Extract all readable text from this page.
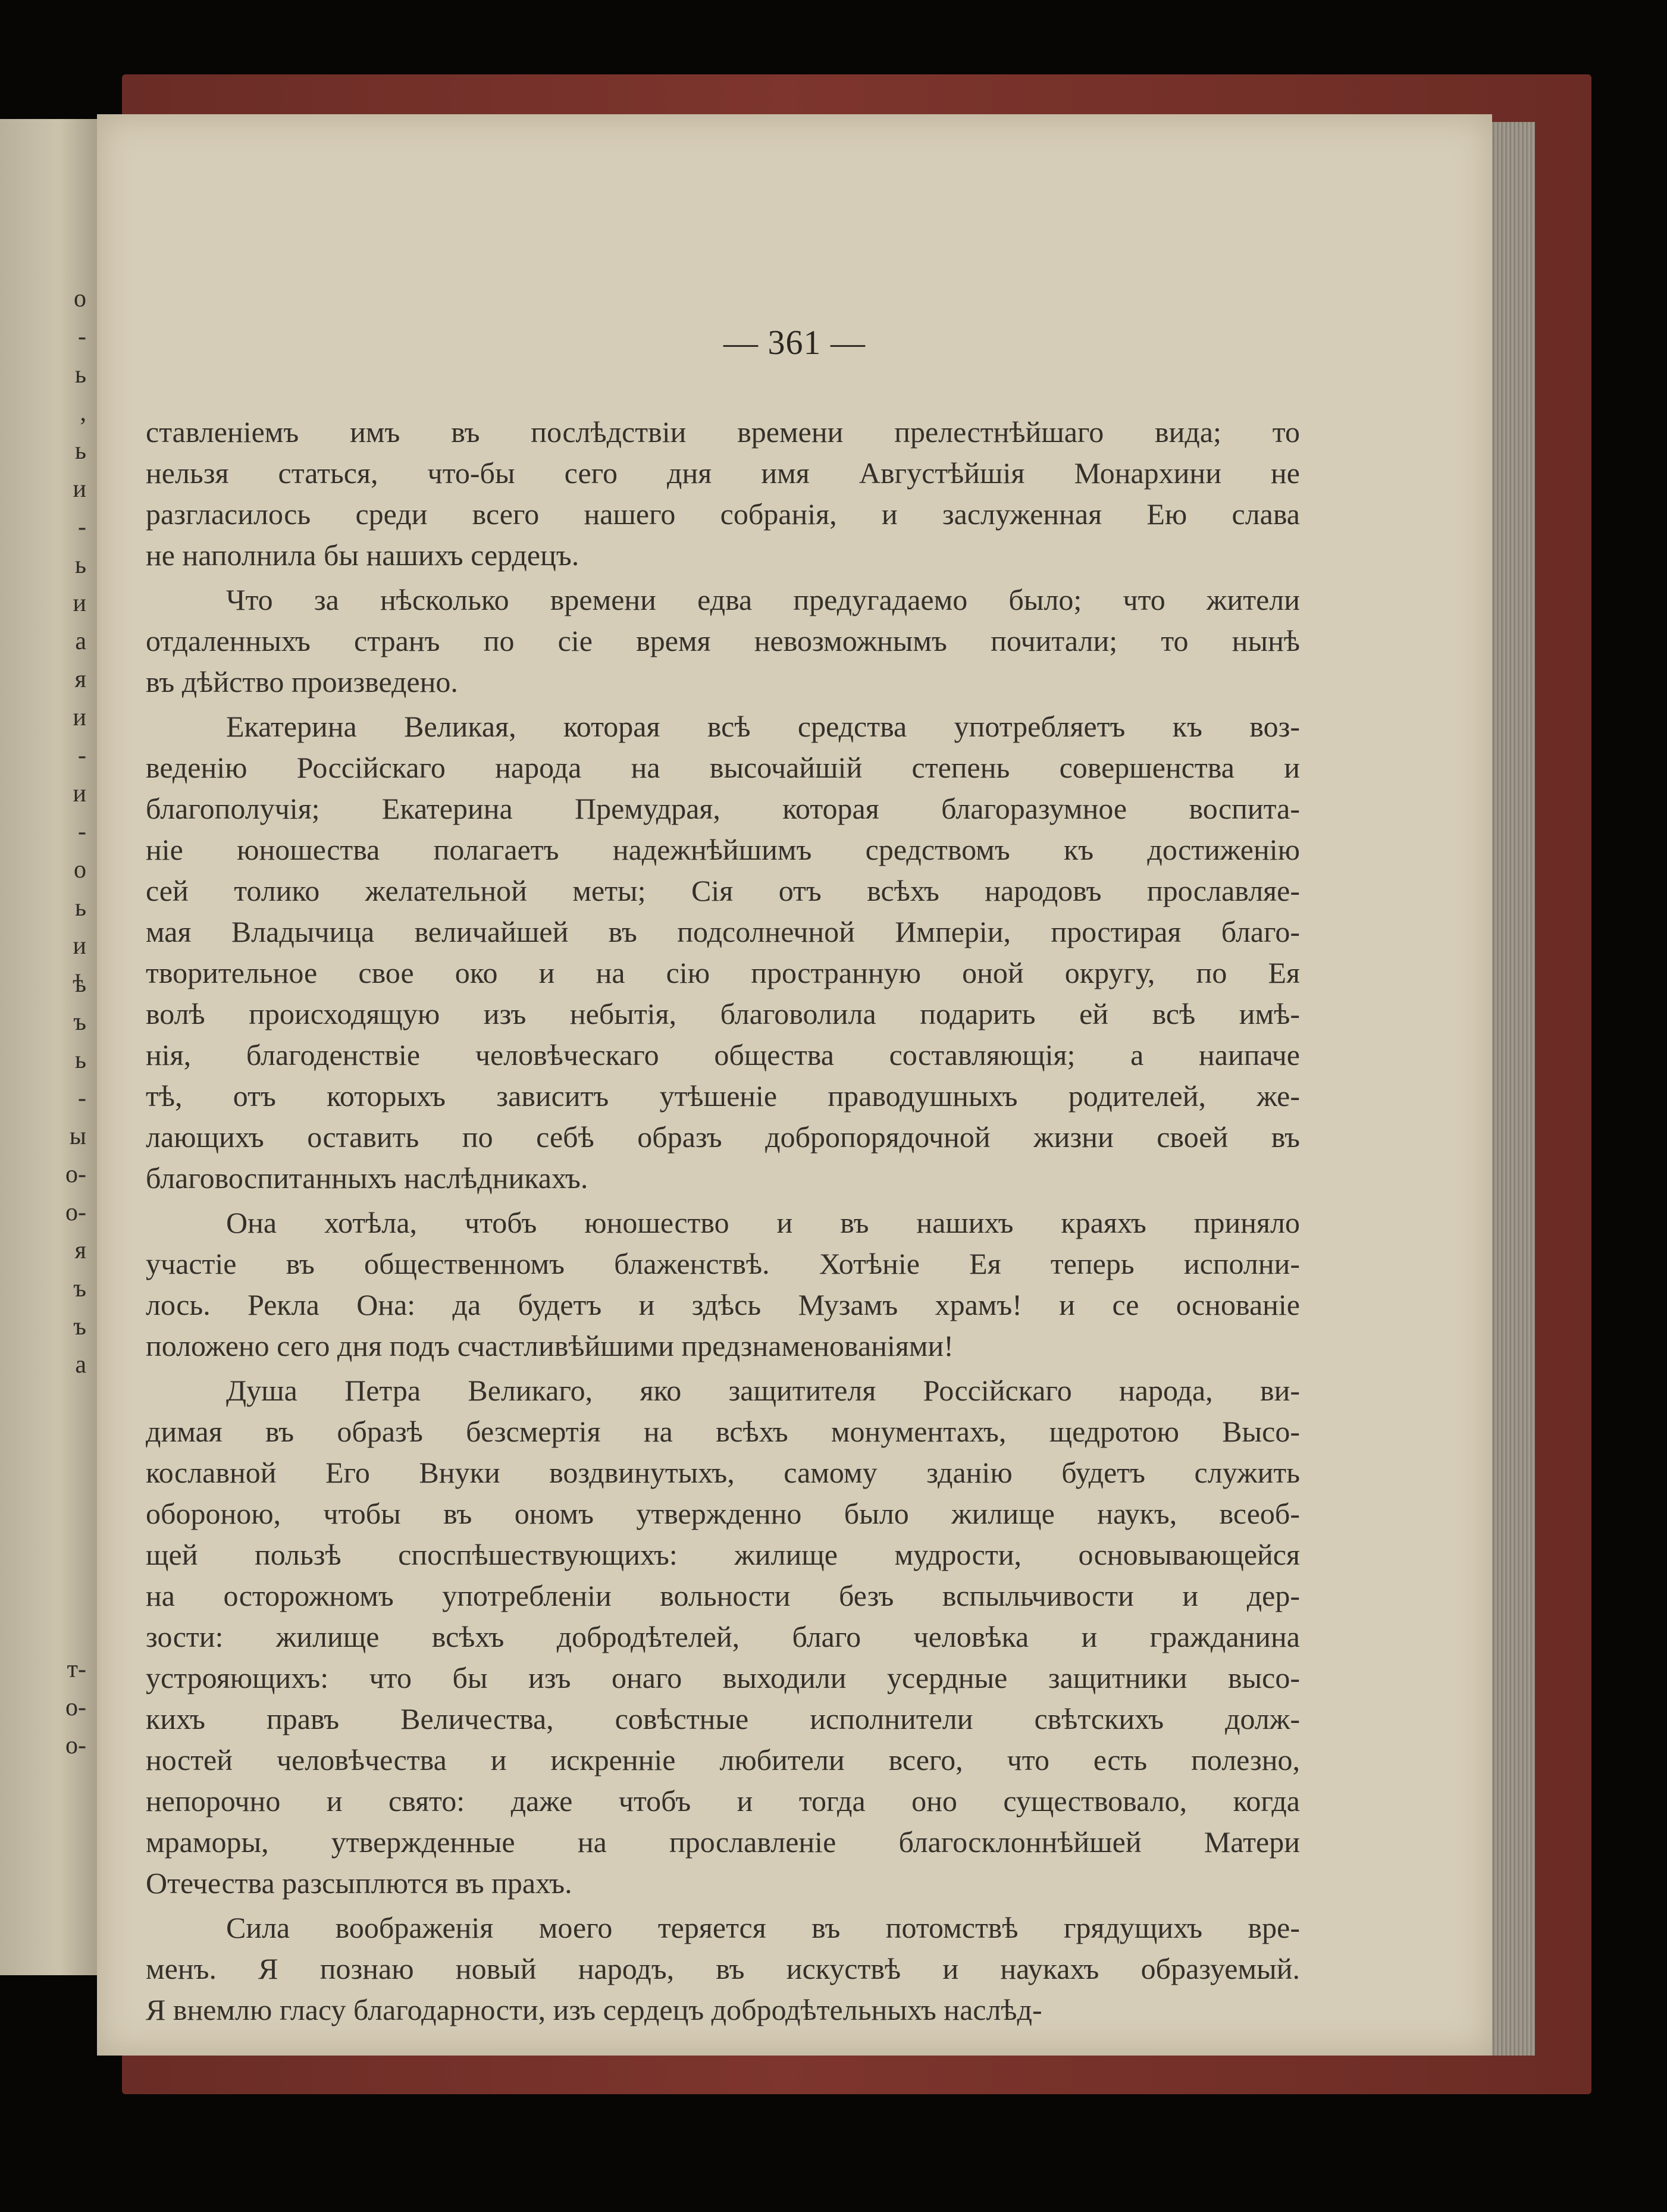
о
-
ь
,
ь
и
-
ь
и
а
я
и
-
и
-
о
ь
и
ѣ
ъ
ь
-
ы
о-
о-
я
ъ
ъ
а
т-
о-
о-
— 361 —
ставленіемъ имъ въ послѣдствіи времени прелестнѣйшаго вида; то
нельзя статься, что-бы сего дня имя Августѣйшія Монархини не
разгласилось среди всего нашего собранія, и заслуженная Ею слава
не наполнила бы нашихъ сердецъ.
Что за нѣсколько времени едва предугадаемо было; что жители
отдаленныхъ странъ по сіе время невозможнымъ почитали; то нынѣ
въ дѣйство произведено.
Екатерина Великая, которая всѣ средства употребляетъ къ воз-
веденію Россійскаго народа на высочайшій степень совершенства и
благополучія; Екатерина Премудрая, которая благоразумное воспита-
ніе юношества полагаетъ надежнѣйшимъ средствомъ къ достиженію
сей толико желательной меты; Сія отъ всѣхъ народовъ прославляе-
мая Владычица величайшей въ подсолнечной Имперіи, простирая благо-
творительное свое око и на сію пространную оной округу, по Ея
волѣ происходящую изъ небытія, благоволила подарить ей всѣ имѣ-
нія, благоденствіе человѣческаго общества составляющія; а наипаче
тѣ, отъ которыхъ зависитъ утѣшеніе праводушныхъ родителей, же-
лающихъ оставить по себѣ образъ добропорядочной жизни своей въ
благовоспитанныхъ наслѣдникахъ.
Она хотѣла, чтобъ юношество и въ нашихъ краяхъ приняло
участіе въ общественномъ блаженствѣ. Хотѣніе Ея теперь исполни-
лось. Рекла Она: да будетъ и здѣсь Музамъ храмъ! и се основаніе
положено сего дня подъ счастливѣйшими предзнаменованіями!
Душа Петра Великаго, яко защитителя Россійскаго народа, ви-
димая въ образѣ безсмертія на всѣхъ монументахъ, щедротою Высо-
кославной Его Внуки воздвинутыхъ, самому зданію будетъ служить
обороною, чтобы въ ономъ утвержденно было жилище наукъ, всеоб-
щей пользѣ споспѣшествующихъ: жилище мудрости, основывающейся
на осторожномъ употребленіи вольности безъ вспыльчивости и дер-
зости: жилище всѣхъ добродѣтелей, благо человѣка и гражданина
устрояющихъ: что бы изъ онаго выходили усердные защитники высо-
кихъ правъ Величества, совѣстные исполнители свѣтскихъ долж-
ностей человѣчества и искренніе любители всего, что есть полезно,
непорочно и свято: даже чтобъ и тогда оно существовало, когда
мраморы, утвержденные на прославленіе благосклоннѣйшей Матери
Отечества разсыплются въ прахъ.
Сила воображенія моего теряется въ потомствѣ грядущихъ вре-
менъ. Я познаю новый народъ, въ искуствѣ и наукахъ образуемый.
Я внемлю гласу благодарности, изъ сердецъ добродѣтельныхъ наслѣд-
